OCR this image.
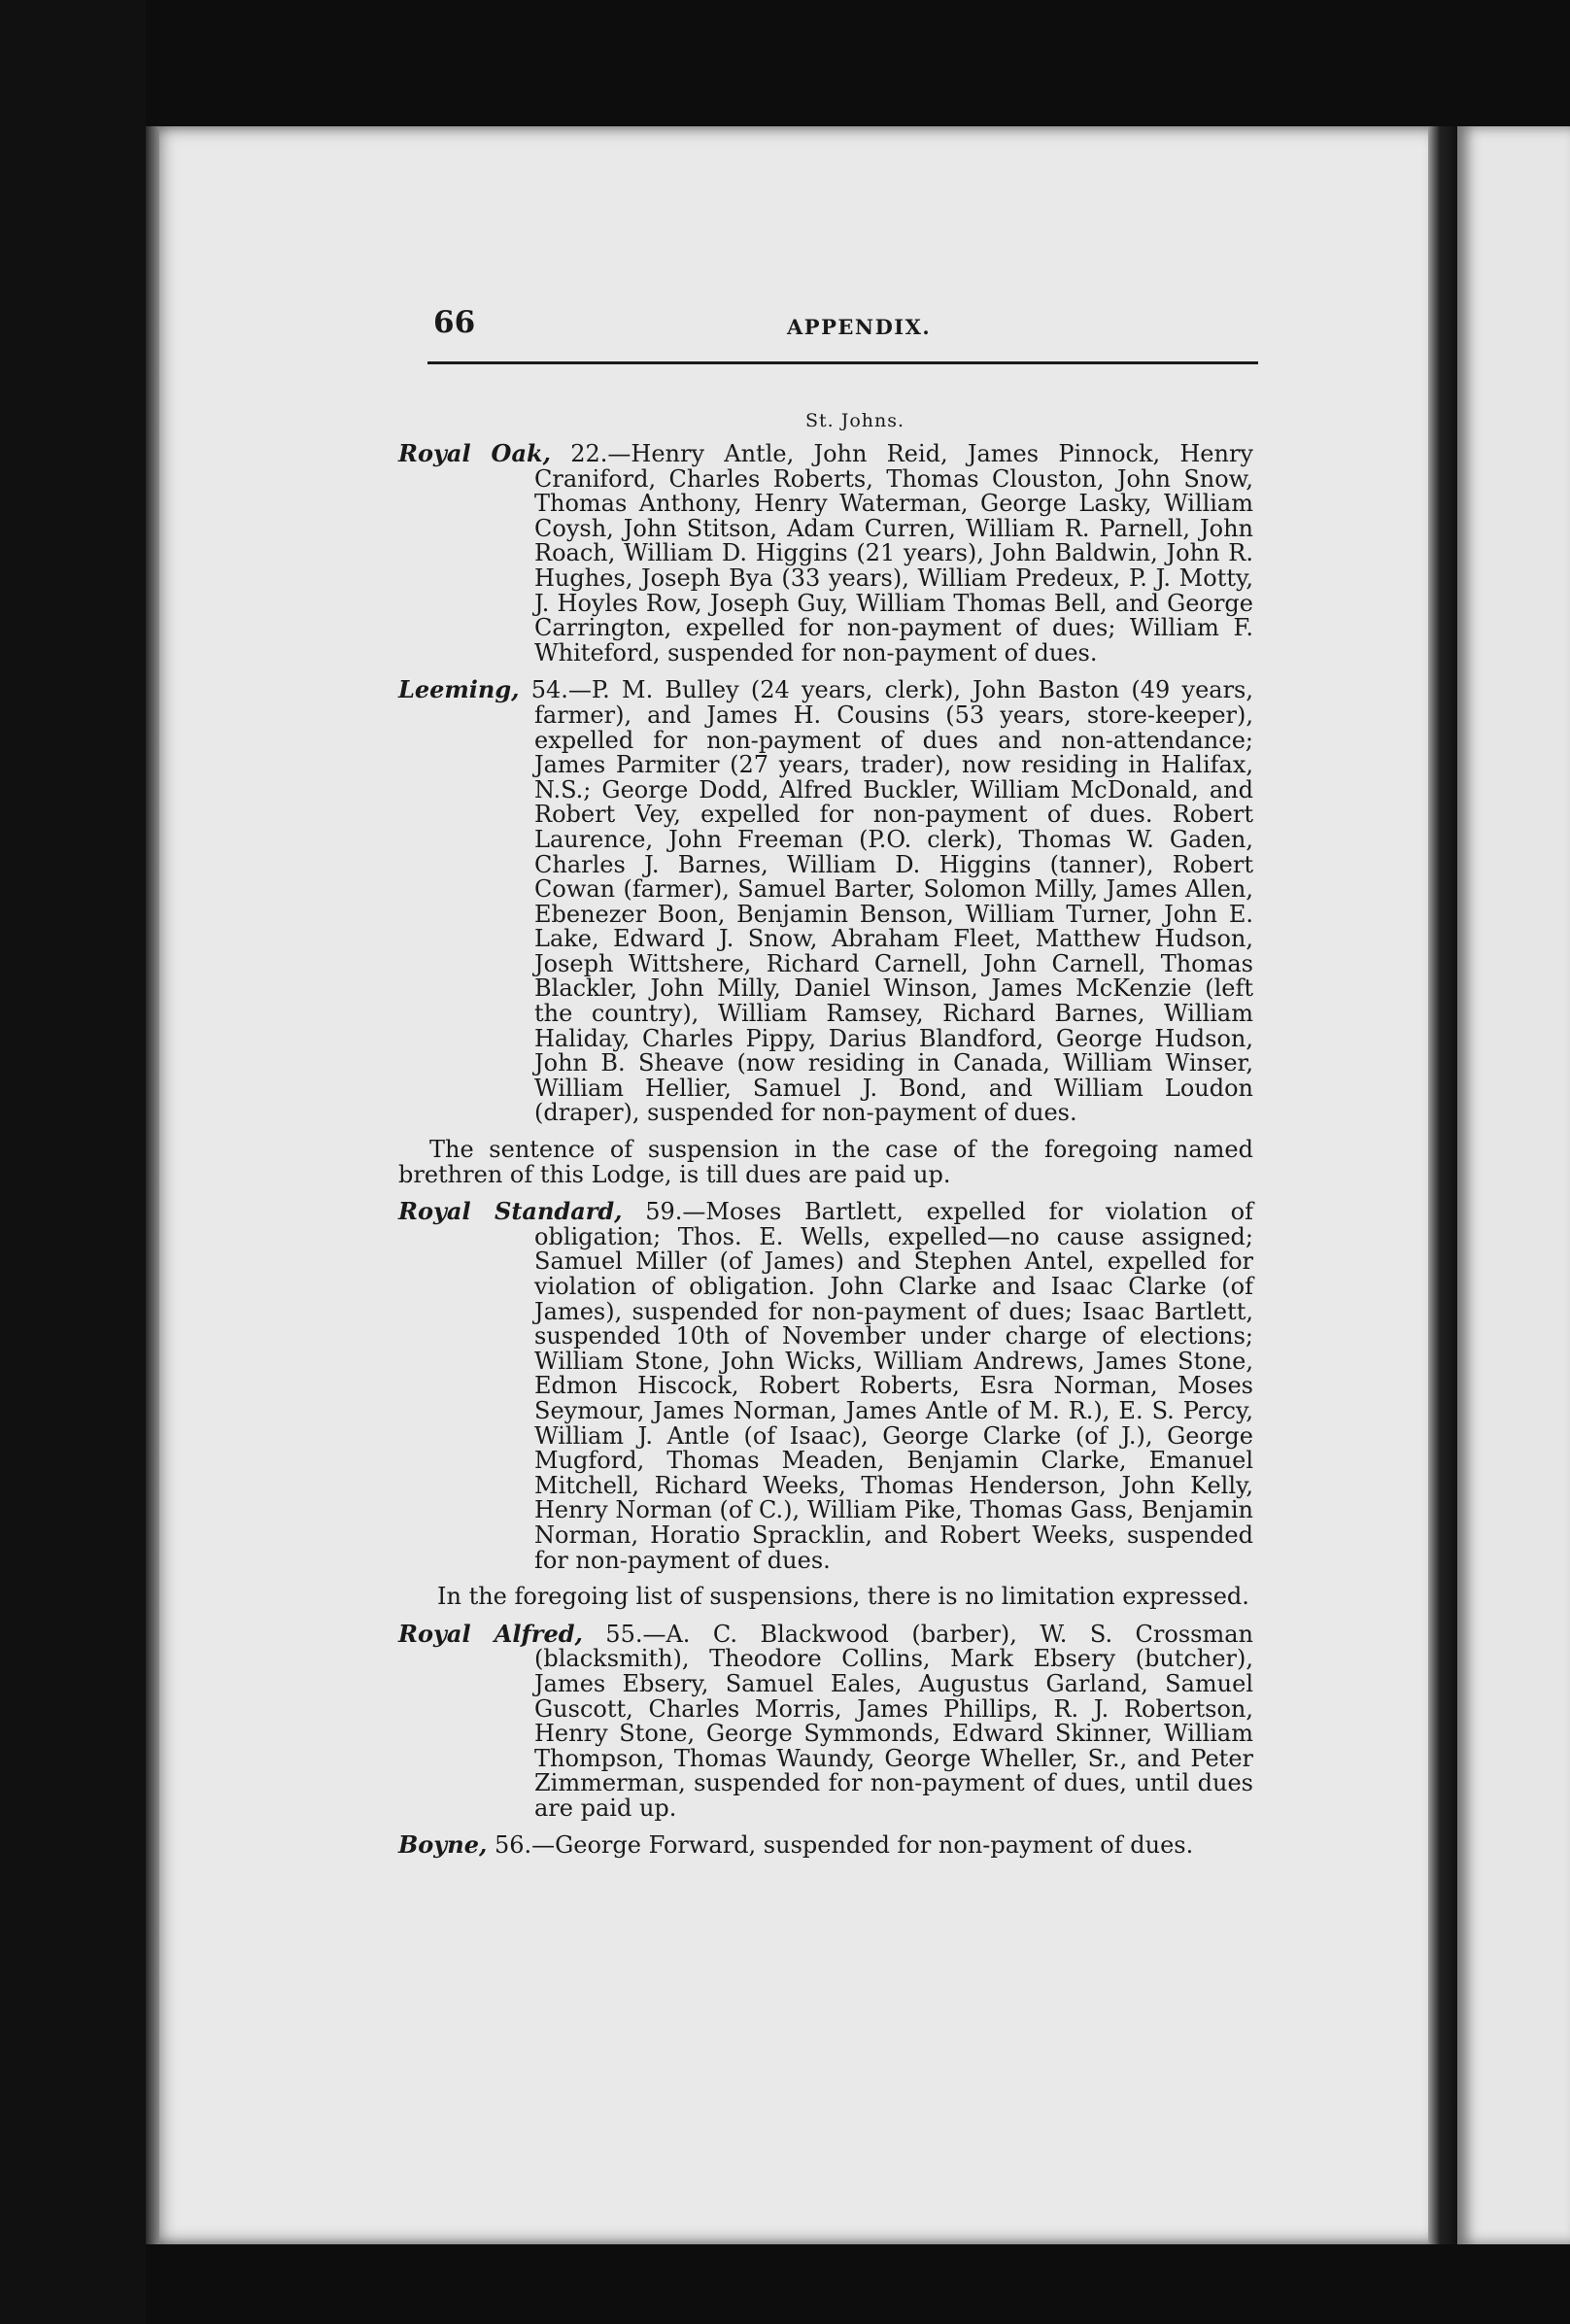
66	APPENDIX.
St. Johns.

Royal Oak, 22.—Henry Antle, John Reid, James Pinnock, Henry Craniford, Charles Roberts, Thomas Clouston, John Snow, Thomas Anthony, Henry Waterman, George Lasky, William Coysh, John Stitson, Adam Curren, William R. Parnell, John Roach, William D. Higgins (21 years), John Baldwin, John R. Hughes, Joseph Bya (33 years), William Predeux, P. J. Motty, J. Hoyles Row, Joseph Guy, William Thomas Bell, and George Carrington, expelled for non-payment of dues; William F. Whiteford, suspended for non-payment of dues.

Leeming, 54.—P. M. Bulley (24 years, clerk), John Baston (49 years, farmer), and James H. Cousins (53 years, store-keeper), expelled for non-payment of dues and non-attendance; James Parmiter (27 years, trader), now residing in Halifax, N.S.; George Dodd, Alfred Buckler, William McDonald, and Robert Vey, expelled for non-payment of dues. Robert Laurence, John Freeman (P.O. clerk), Thomas W. Gaden, Charles J. Barnes, William D. Higgins (tanner), Robert Cowan (farmer), Samuel Barter, Solomon Milly, James Allen, Ebenezer Boon, Benjamin Benson, William Turner, John E. Lake, Edward J. Snow, Abraham Fleet, Matthew Hudson, Joseph Wittshere, Richard Carnell, John Carnell, Thomas Blackler, John Milly, Daniel Winson, James McKenzie (left the country), William Ramsey, Richard Barnes, William Haliday, Charles Pippy, Darius Blandford, George Hudson, John B. Sheave (now residing in Canada, William Winser, William Hellier, Samuel J. Bond, and William Loudon (draper), suspended for non-payment of dues.

The sentence of suspension in the case of the foregoing named brethren of this Lodge, is till dues are paid up.

Royal Standard, 59.—Moses Bartlett, expelled for violation of obligation; Thos. E. Wells, expelled—no cause assigned; Samuel Miller (of James) and Stephen Antel, expelled for violation of obligation. John Clarke and Isaac Clarke (of James), suspended for non-payment of dues; Isaac Bartlett, suspended 10th of November under charge of elections; William Stone, John Wicks, William Andrews, James Stone, Edmon Hiscock, Robert Roberts, Esra Norman, Moses Seymour, James Norman, James Antle of M. R.), E. S. Percy, William J. Antle (of Isaac), George Clarke (of J.), George Mugford, Thomas Meaden, Benjamin Clarke, Emanuel Mitchell, Richard Weeks, Thomas Henderson, John Kelly, Henry Norman (of C.), William Pike, Thomas Gass, Benjamin Norman, Horatio Spracklin, and Robert Weeks, suspended for non-payment of dues.

In the foregoing list of suspensions, there is no limitation expressed.

Royal Alfred, 55.—A. C. Blackwood (barber), W. S. Crossman (blacksmith), Theodore Collins, Mark Ebsery (butcher), James Ebsery, Samuel Eales, Augustus Garland, Samuel Guscott, Charles Morris, James Phillips, R. J. Robertson, Henry Stone, George Symmonds, Edward Skinner, William Thompson, Thomas Waundy, George Wheller, Sr., and Peter Zimmerman, suspended for non-payment of dues, until dues are paid up.

Boyne, 56.—George Forward, suspended for non-payment of dues.
